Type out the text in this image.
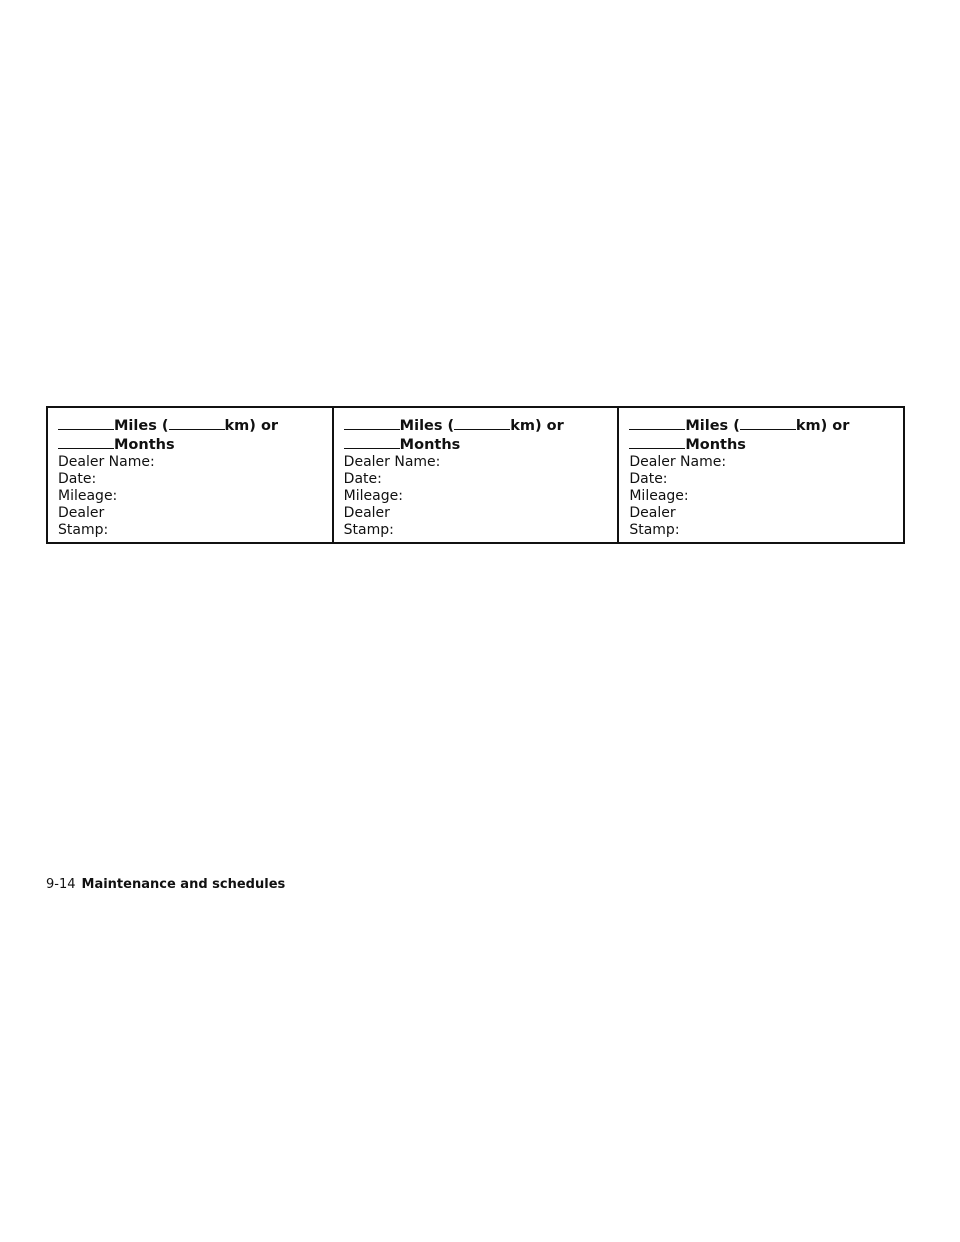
Miles (	km) or
Months
Dealer Name:
Date:
Mileage:
Dealer
Stamp:
Miles (	km) or
Months
Dealer Name:
Date:
Mileage:
Dealer
Stamp:
Miles (	km) or
Months
Dealer Name:
Date:
Mileage:
Dealer
Stamp:
9-14 Maintenance and schedules
